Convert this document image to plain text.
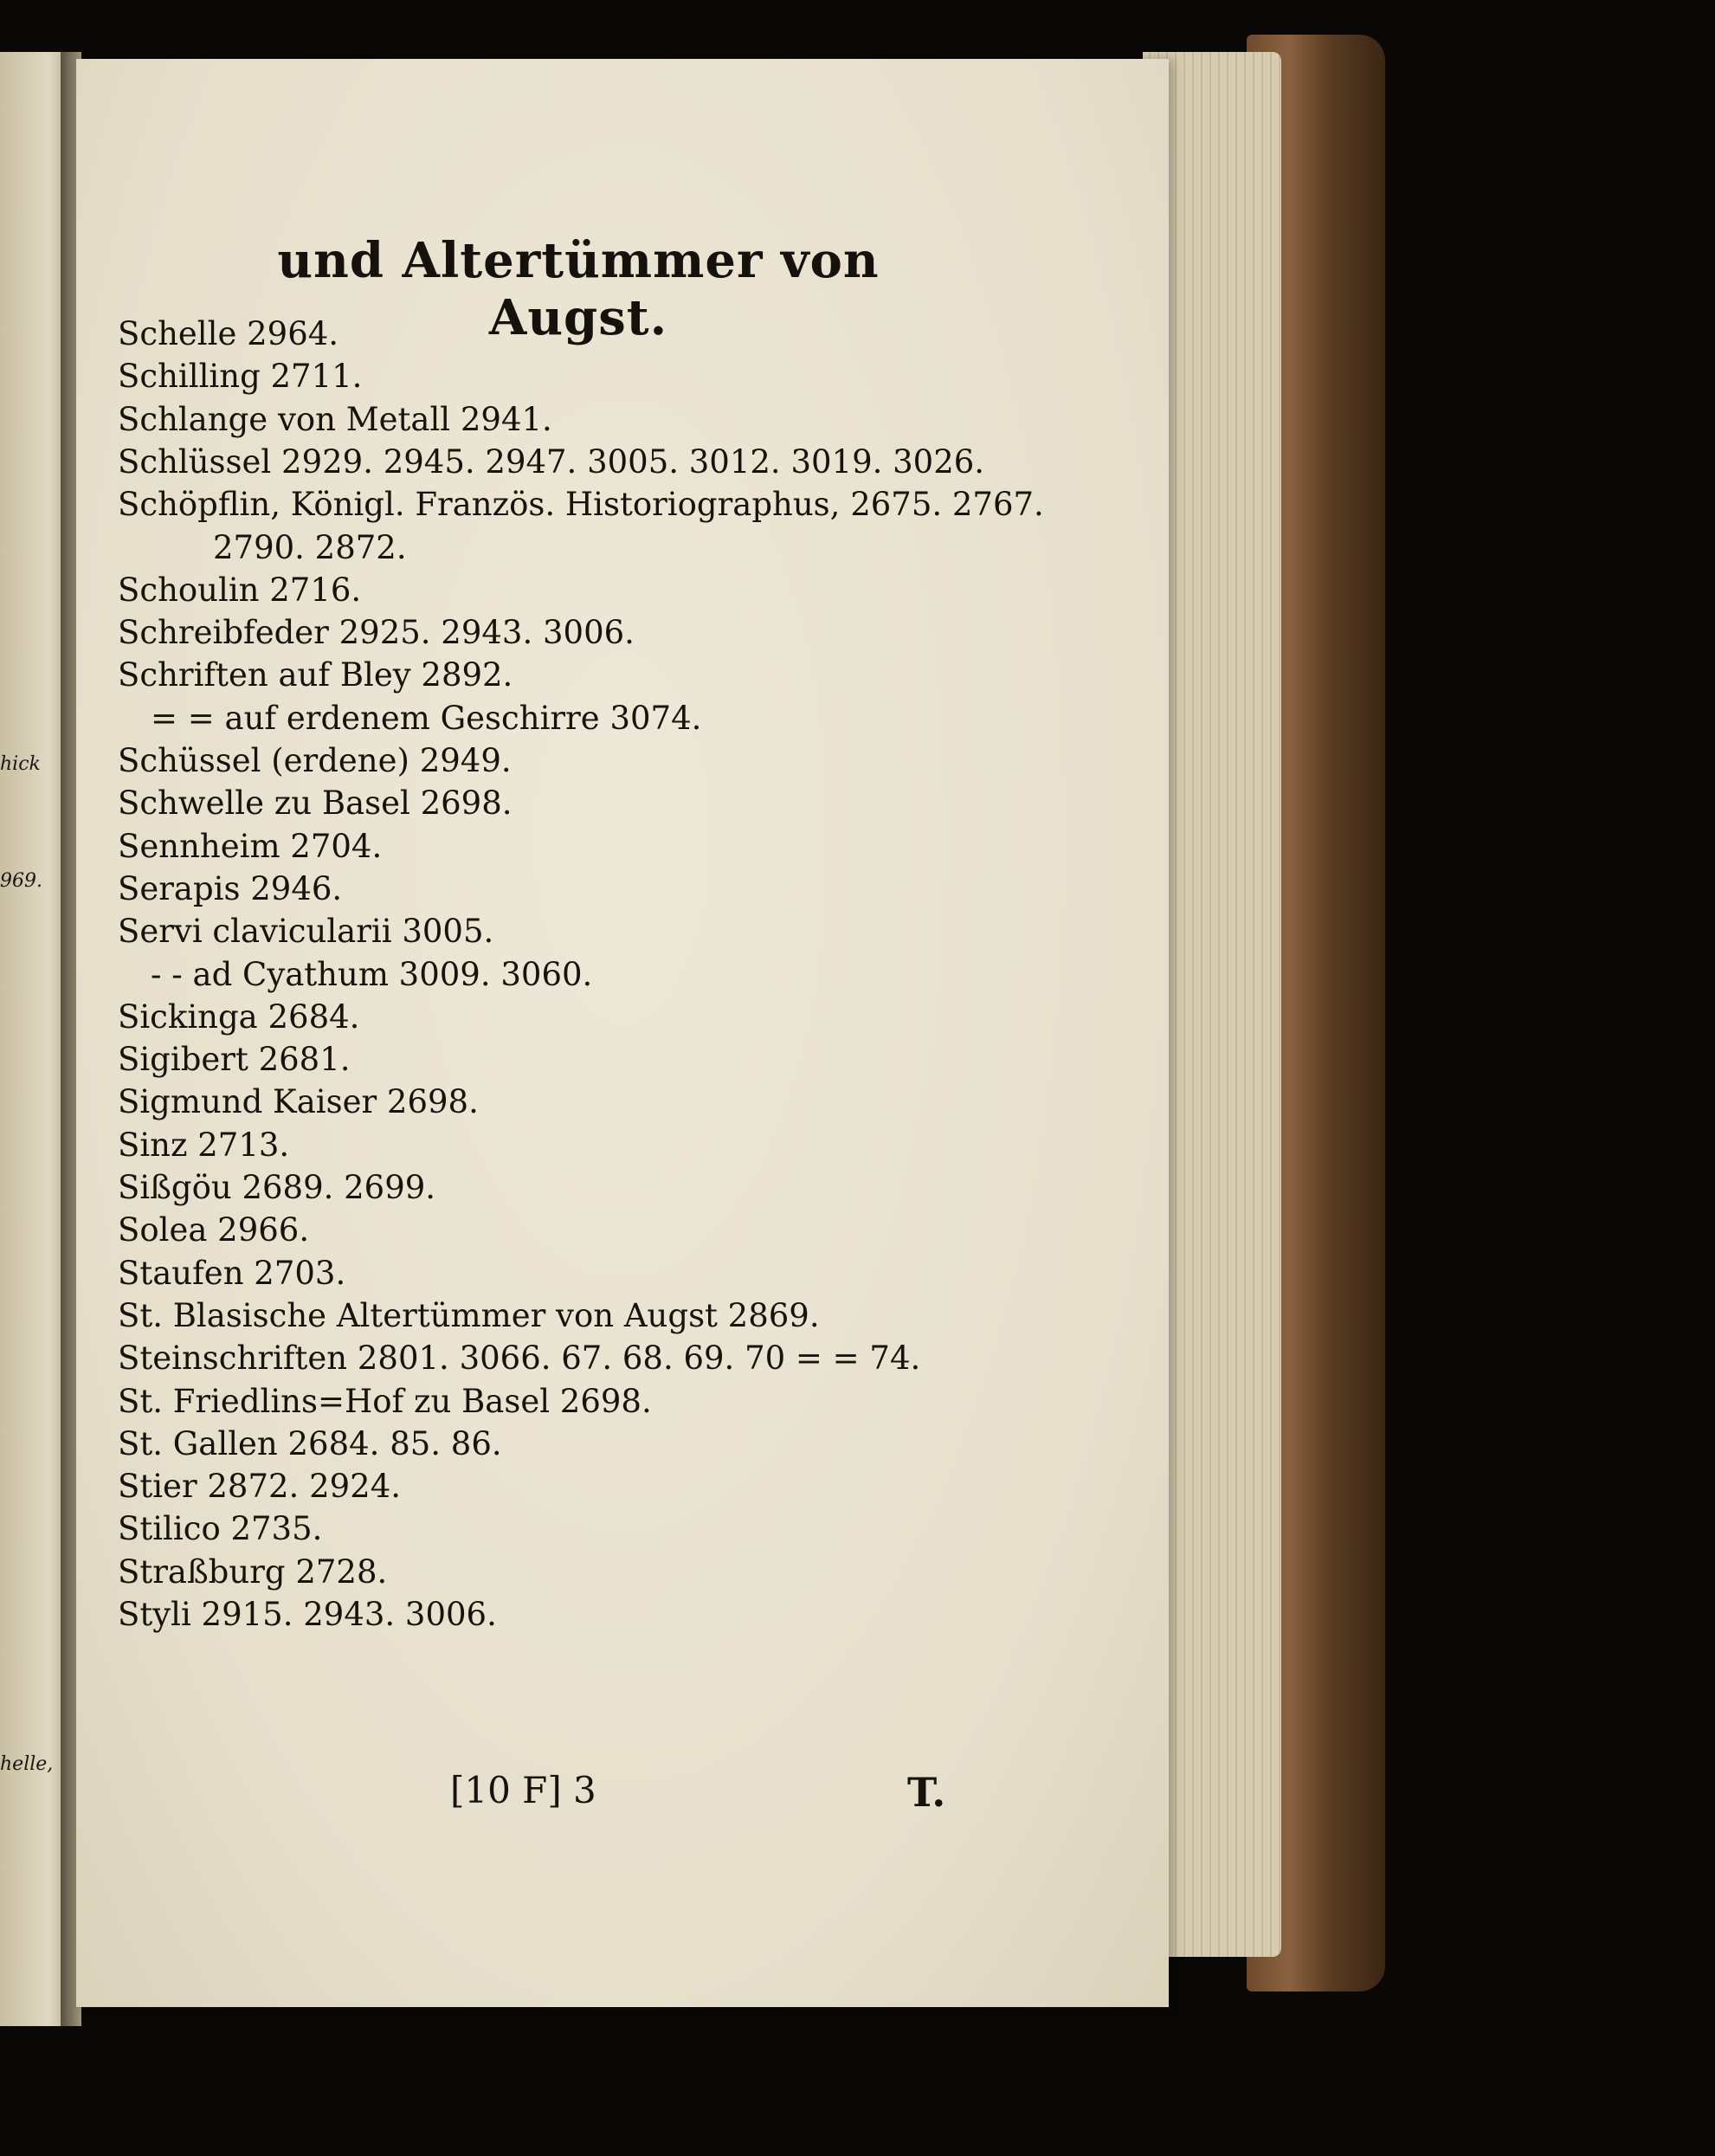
hick
969.
helle,
und Altertümmer von Augst.
Schelle 2964.
Schilling 2711.
Schlange von Metall 2941.
Schlüssel 2929. 2945. 2947. 3005. 3012. 3019. 3026.
Schöpflin, Königl. Französ. Historiographus, 2675. 2767.
2790. 2872.
Schoulin 2716.
Schreibfeder 2925. 2943. 3006.
Schriften auf Bley 2892.
= = auf erdenem Geschirre 3074.
Schüssel (erdene) 2949.
Schwelle zu Basel 2698.
Sennheim 2704.
Serapis 2946.
Servi clavicularii 3005.
- - ad Cyathum 3009. 3060.
Sickinga 2684.
Sigibert 2681.
Sigmund Kaiser 2698.
Sinz 2713.
Sißgöu 2689. 2699.
Solea 2966.
Staufen 2703.
St. Blasische Altertümmer von Augst 2869.
Steinschriften 2801. 3066. 67. 68. 69. 70 = = 74.
St. Friedlins=Hof zu Basel 2698.
St. Gallen 2684. 85. 86.
Stier 2872. 2924.
Stilico 2735.
Straßburg 2728.
Styli 2915. 2943. 3006.
[10 F] 3	T.
